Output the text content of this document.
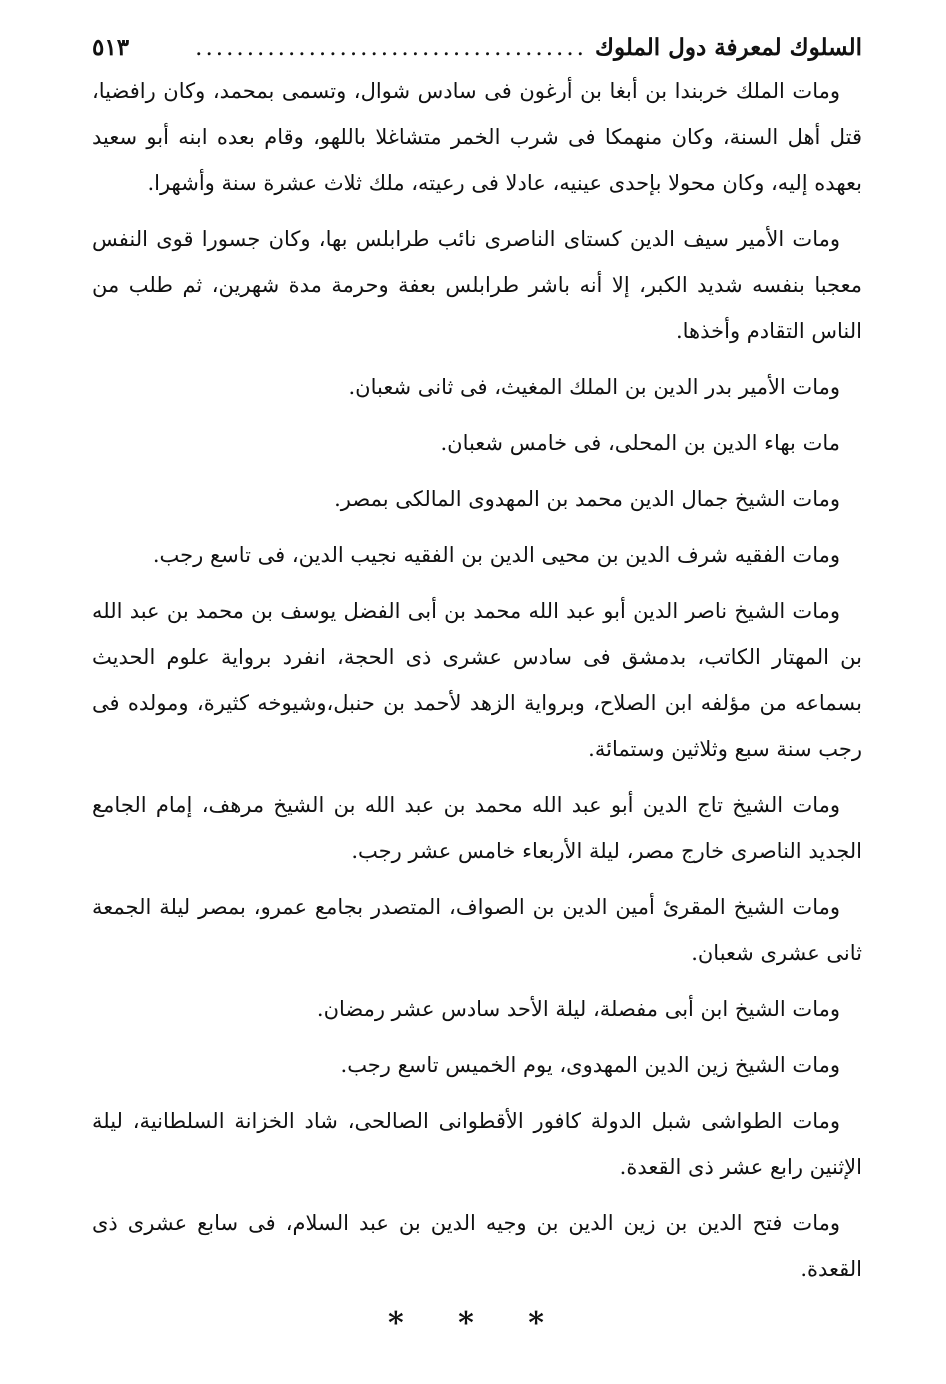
السلوك لمعرفة دول الملوك
......................................
٥١٣

ومات الملك خربندا بن أبغا بن أرغون فى سادس شوال، وتسمى بمحمد، وكان رافضيا، قتل أهل السنة، وكان منهمكا فى شرب الخمر متشاغلا باللهو، وقام بعده ابنه أبو سعيد بعهده إليه، وكان محولا بإحدى عينيه، عادلا فى رعيته، ملك ثلاث عشرة سنة وأشهرا.

ومات الأمير سيف الدين كستاى الناصرى نائب طرابلس بها، وكان جسورا قوى النفس معجبا بنفسه شديد الكبر، إلا أنه باشر طرابلس بعفة وحرمة مدة شهرين، ثم طلب من الناس التقادم وأخذها.

ومات الأمير بدر الدين بن الملك المغيث، فى ثانى شعبان.

مات بهاء الدين بن المحلى، فى خامس شعبان.

ومات الشيخ جمال الدين محمد بن المهدوى المالكى بمصر.

ومات الفقيه شرف الدين بن محيى الدين بن الفقيه نجيب الدين، فى تاسع رجب.

ومات الشيخ ناصر الدين أبو عبد الله محمد بن أبى الفضل يوسف بن محمد بن عبد الله بن المهتار الكاتب، بدمشق فى سادس عشرى ذى الحجة، انفرد برواية علوم الحديث بسماعه من مؤلفه ابن الصلاح، وبرواية الزهد لأحمد بن حنبل،وشيوخه كثيرة، ومولده فى رجب سنة سبع وثلاثين وستمائة.

ومات الشيخ تاج الدين أبو عبد الله محمد بن عبد الله بن الشيخ مرهف، إمام الجامع الجديد الناصرى خارج مصر، ليلة الأربعاء خامس عشر رجب.

ومات الشيخ المقرئ أمين الدين بن الصواف، المتصدر بجامع عمرو، بمصر ليلة الجمعة ثانى عشرى شعبان.

ومات الشيخ ابن أبى مفصلة، ليلة الأحد سادس عشر رمضان.

ومات الشيخ زين الدين المهدوى، يوم الخميس تاسع رجب.

ومات الطواشى شبل الدولة كافور الأقطوانى الصالحى، شاد الخزانة السلطانية، ليلة الإثنين رابع عشر ذى القعدة.

ومات فتح الدين بن زين الدين بن وجيه الدين بن عبد السلام، فى سابع عشرى ذى القعدة.

* * *
